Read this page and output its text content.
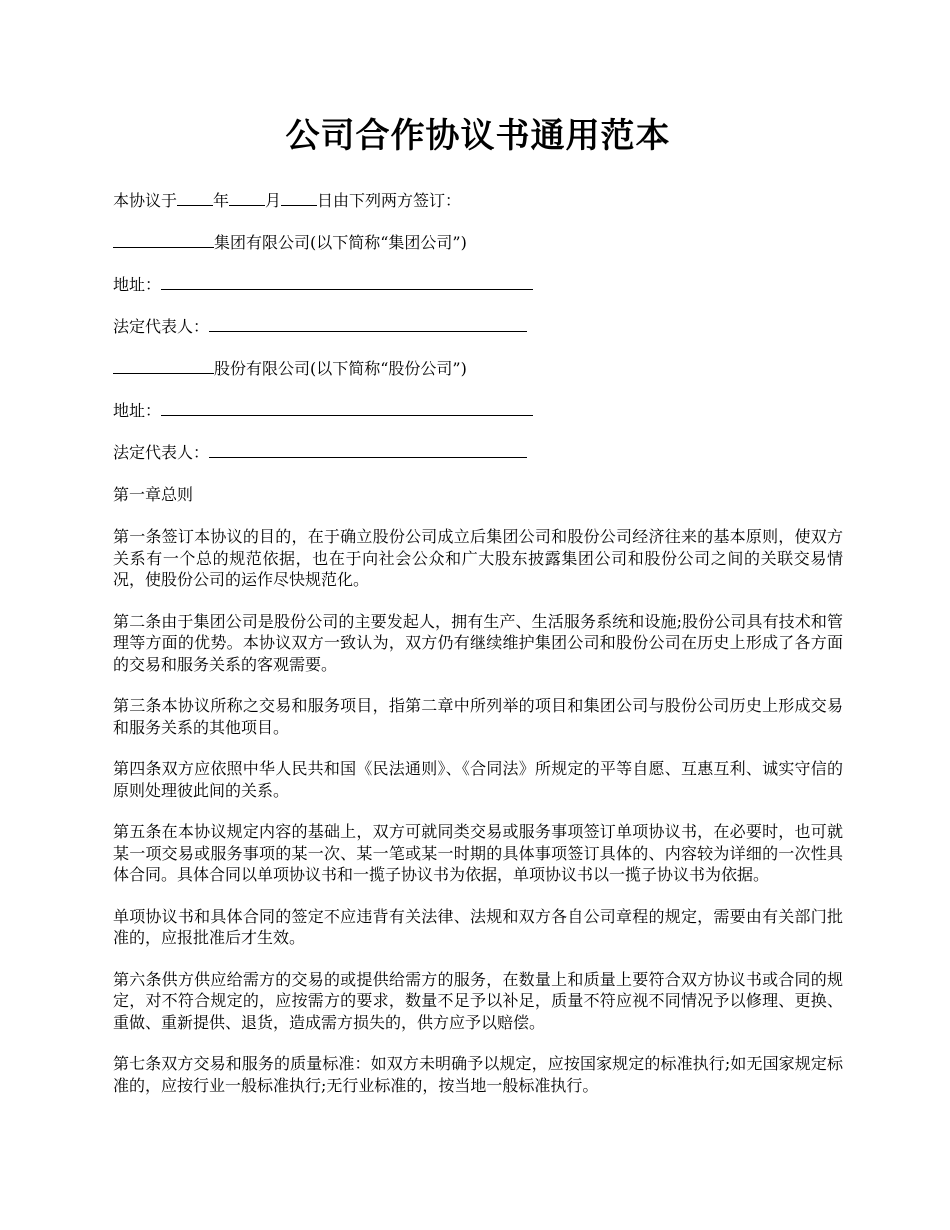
公司合作协议书通用范本
本协议于 年 月 日由下列两方签订：
集团有限公司(以下简称“集团公司”)
地址：
法定代表人：
股份有限公司(以下简称“股份公司”)
地址：
法定代表人：
第一章总则

第一条签订本协议的目的，在于确立股份公司成立后集团公司和股份公司经济往来的基本原则，使双方关系有一个总的规范依据，也在于向社会公众和广大股东披露集团公司和股份公司之间的关联交易情况，使股份公司的运作尽快规范化。

第二条由于集团公司是股份公司的主要发起人，拥有生产、生活服务系统和设施;股份公司具有技术和管理等方面的优势。本协议双方一致认为，双方仍有继续维护集团公司和股份公司在历史上形成了各方面的交易和服务关系的客观需要。

第三条本协议所称之交易和服务项目，指第二章中所列举的项目和集团公司与股份公司历史上形成交易和服务关系的其他项目。

第四条双方应依照中华人民共和国《民法通则》、《合同法》所规定的平等自愿、互惠互利、诚实守信的原则处理彼此间的关系。

第五条在本协议规定内容的基础上，双方可就同类交易或服务事项签订单项协议书，在必要时，也可就某一项交易或服务事项的某一次、某一笔或某一时期的具体事项签订具体的、内容较为详细的一次性具体合同。具体合同以单项协议书和一揽子协议书为依据，单项协议书以一揽子协议书为依据。

单项协议书和具体合同的签定不应违背有关法律、法规和双方各自公司章程的规定，需要由有关部门批准的，应报批准后才生效。

第六条供方供应给需方的交易的或提供给需方的服务，在数量上和质量上要符合双方协议书或合同的规定，对不符合规定的，应按需方的要求，数量不足予以补足，质量不符应视不同情况予以修理、更换、重做、重新提供、退货，造成需方损失的，供方应予以赔偿。

第七条双方交易和服务的质量标准：如双方未明确予以规定，应按国家规定的标准执行;如无国家规定标准的，应按行业一般标准执行;无行业标准的，按当地一般标准执行。
